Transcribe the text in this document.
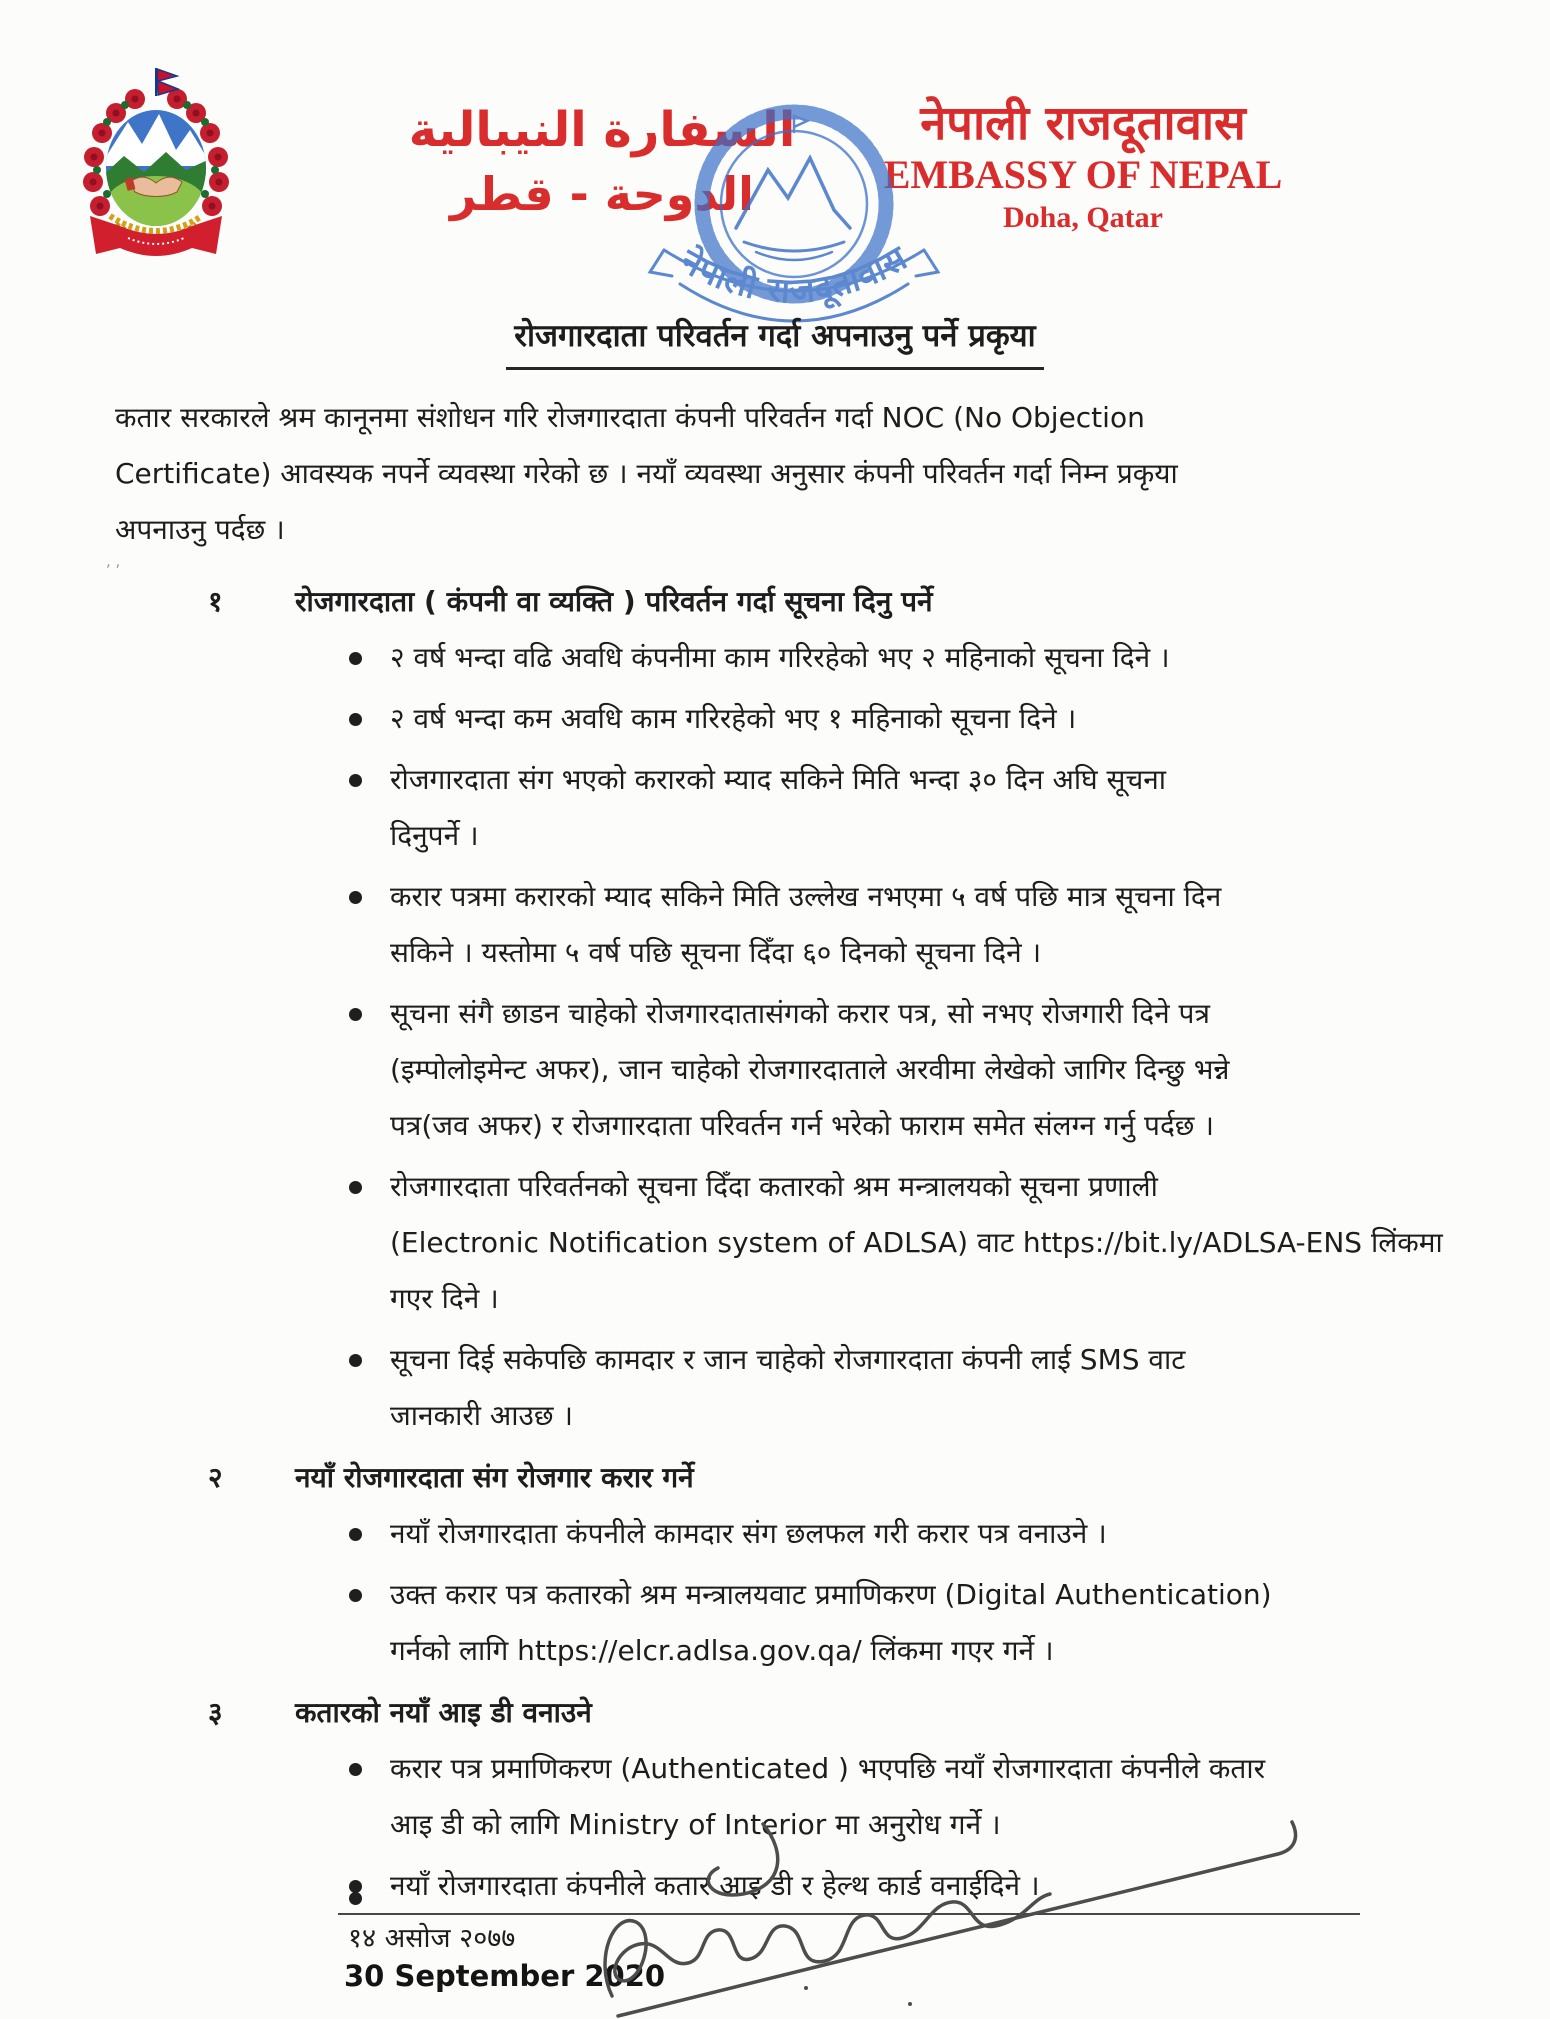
السفارة النيبالية
الدوحة - قطر
नेपाली राजदूतावास
EMBASSY OF NEPAL
Doha, Qatar
नेपाली राजदूतावास
रोजगारदाता परिवर्तन गर्दा अपनाउनु पर्ने प्रकृया
, ,
कतार सरकारले श्रम कानूनमा संशोधन गरि रोजगारदाता कंपनी परिवर्तन गर्दा NOC (No Objection
Certificate) आवस्यक नपर्ने व्यवस्था गरेको छ । नयाँ व्यवस्था अनुसार कंपनी परिवर्तन गर्दा निम्न प्रकृया
अपनाउनु पर्दछ ।
१	रोजगारदाता ( कंपनी वा व्यक्ति ) परिवर्तन गर्दा सूचना दिनु पर्ने
२ वर्ष भन्दा वढि अवधि कंपनीमा काम गरिरहेको भए २ महिनाको सूचना दिने ।
२ वर्ष भन्दा कम अवधि काम गरिरहेको भए १ महिनाको सूचना दिने ।
रोजगारदाता संग भएको करारको म्याद सकिने मिति भन्दा ३० दिन अघि सूचना
दिनुपर्ने ।
करार पत्रमा करारको म्याद सकिने मिति उल्लेख नभएमा ५ वर्ष पछि मात्र सूचना दिन
सकिने । यस्तोमा ५ वर्ष पछि सूचना दिँदा ६० दिनको सूचना दिने ।
सूचना संगै छाडन चाहेको रोजगारदातासंगको करार पत्र, सो नभए रोजगारी दिने पत्र
(इम्पोलोइमेन्ट अफर), जान चाहेको रोजगारदाताले अरवीमा लेखेको जागिर दिन्छु भन्ने
पत्र(जव अफर) र रोजगारदाता परिवर्तन गर्न भरेको फाराम समेत संलग्न गर्नु पर्दछ ।
रोजगारदाता परिवर्तनको सूचना दिँदा कतारको श्रम मन्त्रालयको सूचना प्रणाली
(Electronic Notification system of ADLSA) वाट https://bit.ly/ADLSA-ENS लिंकमा
गएर दिने ।
सूचना दिई सकेपछि कामदार र जान चाहेको रोजगारदाता कंपनी लाई SMS वाट
जानकारी आउछ ।
२	नयाँ रोजगारदाता संग रोजगार करार गर्ने
नयाँ रोजगारदाता कंपनीले कामदार संग छलफल गरी करार पत्र वनाउने ।
उक्त करार पत्र कतारको श्रम मन्त्रालयवाट प्रमाणिकरण (Digital Authentication)
गर्नको लागि https://elcr.adlsa.gov.qa/ लिंकमा गएर गर्ने ।
३	कतारको नयाँ आइ डी वनाउने
करार पत्र प्रमाणिकरण (Authenticated ) भएपछि नयाँ रोजगारदाता कंपनीले कतार
आइ डी को लागि Ministry of Interior मा अनुरोध गर्ने ।
नयाँ रोजगारदाता कंपनीले कतार आइ डी र हेल्थ कार्ड वनाईदिने ।
१४ असोज २०७७
30 September 2020
